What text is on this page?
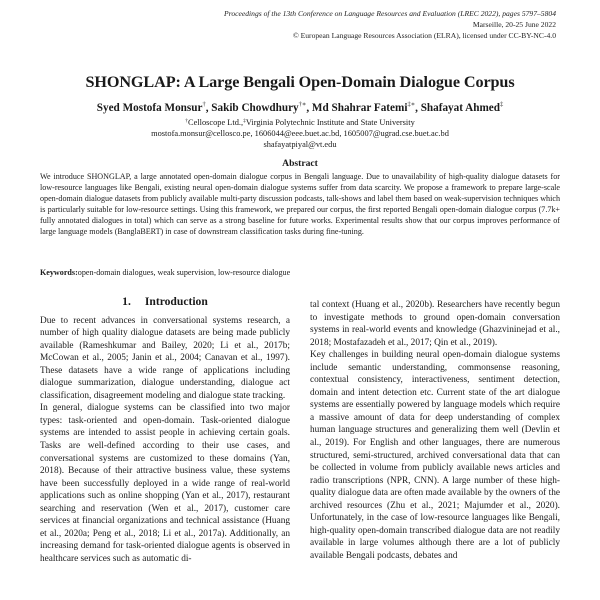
Proceedings of the 13th Conference on Language Resources and Evaluation (LREC 2022), pages 5797–5804
Marseille, 20-25 June 2022
© European Language Resources Association (ELRA), licensed under CC-BY-NC-4.0
SHONGLAP: A Large Bengali Open-Domain Dialogue Corpus
Syed Mostofa Monsur†, Sakib Chowdhury†∗, Md Shahrar Fatemi‡∗, Shafayat Ahmed‡
†Celloscope Ltd.,‡Virginia Polytechnic Institute and State University
mostofa.monsur@cellosco.pe, 1606044@eee.buet.ac.bd, 1605007@ugrad.cse.buet.ac.bd
shafayatpiyal@vt.edu
Abstract
We introduce SHONGLAP, a large annotated open-domain dialogue corpus in Bengali language. Due to unavailability of high-quality dialogue datasets for low-resource languages like Bengali, existing neural open-domain dialogue systems suffer from data scarcity. We propose a framework to prepare large-scale open-domain dialogue datasets from publicly available multi-party discussion podcasts, talk-shows and label them based on weak-supervision techniques which is particularly suitable for low-resource settings. Using this framework, we prepared our corpus, the first reported Bengali open-domain dialogue corpus (7.7k+ fully annotated dialogues in total) which can serve as a strong baseline for future works. Experimental results show that our corpus improves performance of large language models (BanglaBERT) in case of downstream classification tasks during fine-tuning.
Keywords:open-domain dialogues, weak supervision, low-resource dialogue
1. Introduction

Due to recent advances in conversational systems research, a number of high quality dialogue datasets are being made publicly available (Rameshkumar and Bailey, 2020; Li et al., 2017b; McCowan et al., 2005; Janin et al., 2004; Canavan et al., 1997). These datasets have a wide range of applications including dialogue summarization, dialogue understanding, dialogue act classification, disagreement modeling and dialogue state tracking.

In general, dialogue systems can be classified into two major types: task-oriented and open-domain. Task-oriented dialogue systems are intended to assist people in achieving certain goals. Tasks are well-defined according to their use cases, and conversational systems are customized to these domains (Yan, 2018). Because of their attractive business value, these systems have been successfully deployed in a wide range of real-world applications such as online shopping (Yan et al., 2017), restaurant searching and reservation (Wen et al., 2017), customer care services at financial organizations and technical assistance (Huang et al., 2020a; Peng et al., 2018; Li et al., 2017a). Additionally, an increasing demand for task-oriented dialogue agents is observed in healthcare services such as automatic di-

tal context (Huang et al., 2020b). Researchers have recently begun to investigate methods to ground open-domain conversation systems in real-world events and knowledge (Ghazvininejad et al., 2018; Mostafazadeh et al., 2017; Qin et al., 2019).

Key challenges in building neural open-domain dialogue systems include semantic understanding, commonsense reasoning, contextual consistency, interactiveness, sentiment detection, domain and intent detection etc. Current state of the art dialogue systems are essentially powered by language models which require a massive amount of data for deep understanding of complex human language structures and generalizing them well (Devlin et al., 2019). For English and other languages, there are numerous structured, semi-structured, archived conversational data that can be collected in volume from publicly available news articles and radio transcriptions (NPR, CNN). A large number of these high-quality dialogue data are often made available by the owners of the archived resources (Zhu et al., 2021; Majumder et al., 2020). Unfortunately, in the case of low-resource languages like Bengali, high-quality open-domain transcribed dialogue data are not readily available in large volumes although there are a lot of publicly available Bengali podcasts, debates and
